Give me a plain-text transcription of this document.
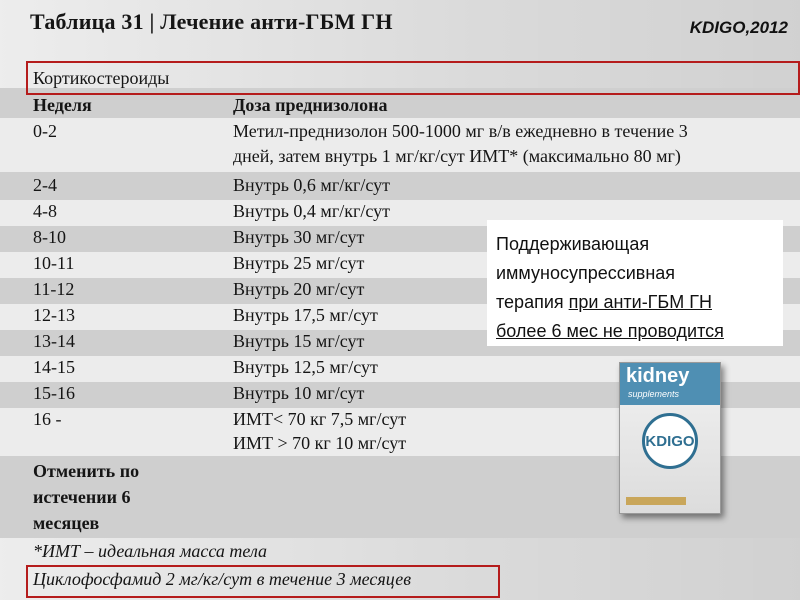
Таблица 31 | Лечение анти-ГБМ ГН	KDIGO,2012
Кортикостероиды
Неделя	Доза преднизолона
0-2	Метил-преднизолон 500-1000 мг в/в ежедневно в течение 3
дней, затем внутрь 1 мг/кг/сут ИМТ* (максимально 80 мг)
2-4	Внутрь 0,6 мг/кг/сут
4-8	Внутрь 0,4 мг/кг/сут
8-10	Внутрь 30 мг/сут
10-11	Внутрь 25 мг/сут
11-12	Внутрь 20 мг/сут
12-13	Внутрь 17,5 мг/сут
13-14	Внутрь 15 мг/сут
14-15	Внутрь 12,5 мг/сут
15-16	Внутрь 10 мг/сут
16 -	ИМТ< 70 кг 7,5 мг/сут
ИМТ > 70 кг 10 мг/сут
Отменить по
истечении 6
месяцев
*ИМТ – идеальная масса тела
Циклофосфамид 2 мг/кг/сут в течение 3 месяцев
Поддерживающая
иммуносупрессивная
терапия при анти-ГБМ ГН
более 6 мес не проводится
kidney
supplements
KDIGO
